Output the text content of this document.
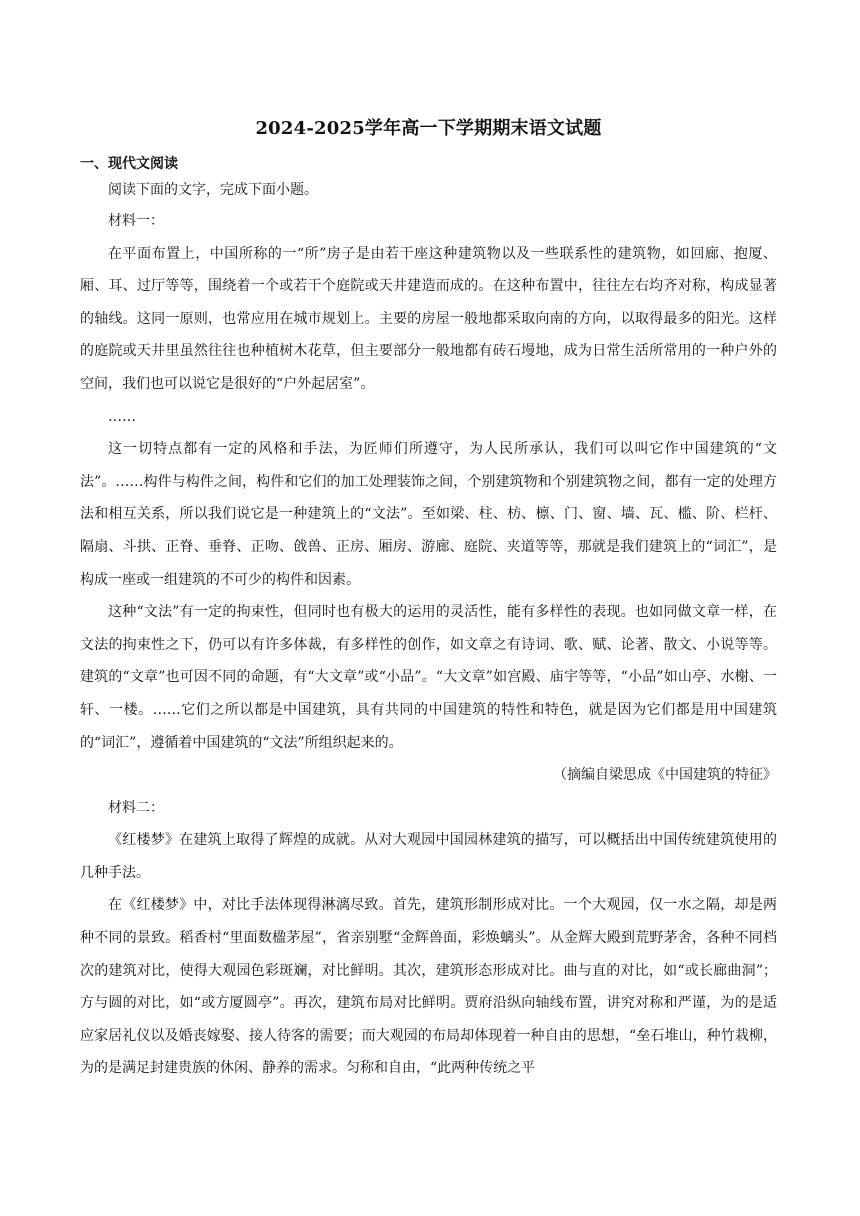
2024-2025学年高一下学期期末语文试题
一、现代文阅读

阅读下面的文字，完成下面小题。

材料一：

在平面布置上，中国所称的一“所”房子是由若干座这种建筑物以及一些联系性的建筑物，如回廊、抱厦、厢、耳、过厅等等，围绕着一个或若干个庭院或天井建造而成的。在这种布置中，往往左右均齐对称，构成显著的轴线。这同一原则，也常应用在城市规划上。主要的房屋一般地都采取向南的方向，以取得最多的阳光。这样的庭院或天井里虽然往往也种植树木花草，但主要部分一般地都有砖石墁地，成为日常生活所常用的一种户外的空间，我们也可以说它是很好的“户外起居室”。

……

这一切特点都有一定的风格和手法，为匠师们所遵守，为人民所承认，我们可以叫它作中国建筑的“文法”。……构件与构件之间，构件和它们的加工处理装饰之间，个别建筑物和个别建筑物之间，都有一定的处理方法和相互关系，所以我们说它是一种建筑上的“文法”。至如梁、柱、枋、檩、门、窗、墙、瓦、槛、阶、栏杆、隔扇、斗拱、正脊、垂脊、正吻、戗兽、正房、厢房、游廊、庭院、夹道等等，那就是我们建筑上的“词汇”，是构成一座或一组建筑的不可少的构件和因素。

这种“文法”有一定的拘束性，但同时也有极大的运用的灵活性，能有多样性的表现。也如同做文章一样，在文法的拘束性之下，仍可以有许多体裁，有多样性的创作，如文章之有诗词、歌、赋、论著、散文、小说等等。建筑的“文章”也可因不同的命题，有“大文章”或“小品”。“大文章”如宫殿、庙宇等等，“小品”如山亭、水榭、一轩、一楼。……它们之所以都是中国建筑，具有共同的中国建筑的特性和特色，就是因为它们都是用中国建筑的“词汇”，遵循着中国建筑的“文法”所组织起来的。

（摘编自梁思成《中国建筑的特征》

材料二：

《红楼梦》在建筑上取得了辉煌的成就。从对大观园中国园林建筑的描写，可以概括出中国传统建筑使用的几种手法。

在《红楼梦》中，对比手法体现得淋漓尽致。首先，建筑形制形成对比。一个大观园，仅一水之隔，却是两种不同的景致。稻香村“里面数楹茅屋”，省亲别墅“金辉兽面，彩焕螭头”。从金辉大殿到荒野茅舍，各种不同档次的建筑对比，使得大观园色彩斑斓，对比鲜明。其次，建筑形态形成对比。曲与直的对比，如“或长廊曲洞”；方与圆的对比，如“或方厦圆亭”。再次，建筑布局对比鲜明。贾府沿纵向轴线布置，讲究对称和严谨，为的是适应家居礼仪以及婚丧嫁娶、接人待客的需要；而大观园的布局却体现着一种自由的思想，“垒石堆山，种竹栽柳，为的是满足封建贵族的休闲、静养的需求。匀称和自由，“此两种传统之平
